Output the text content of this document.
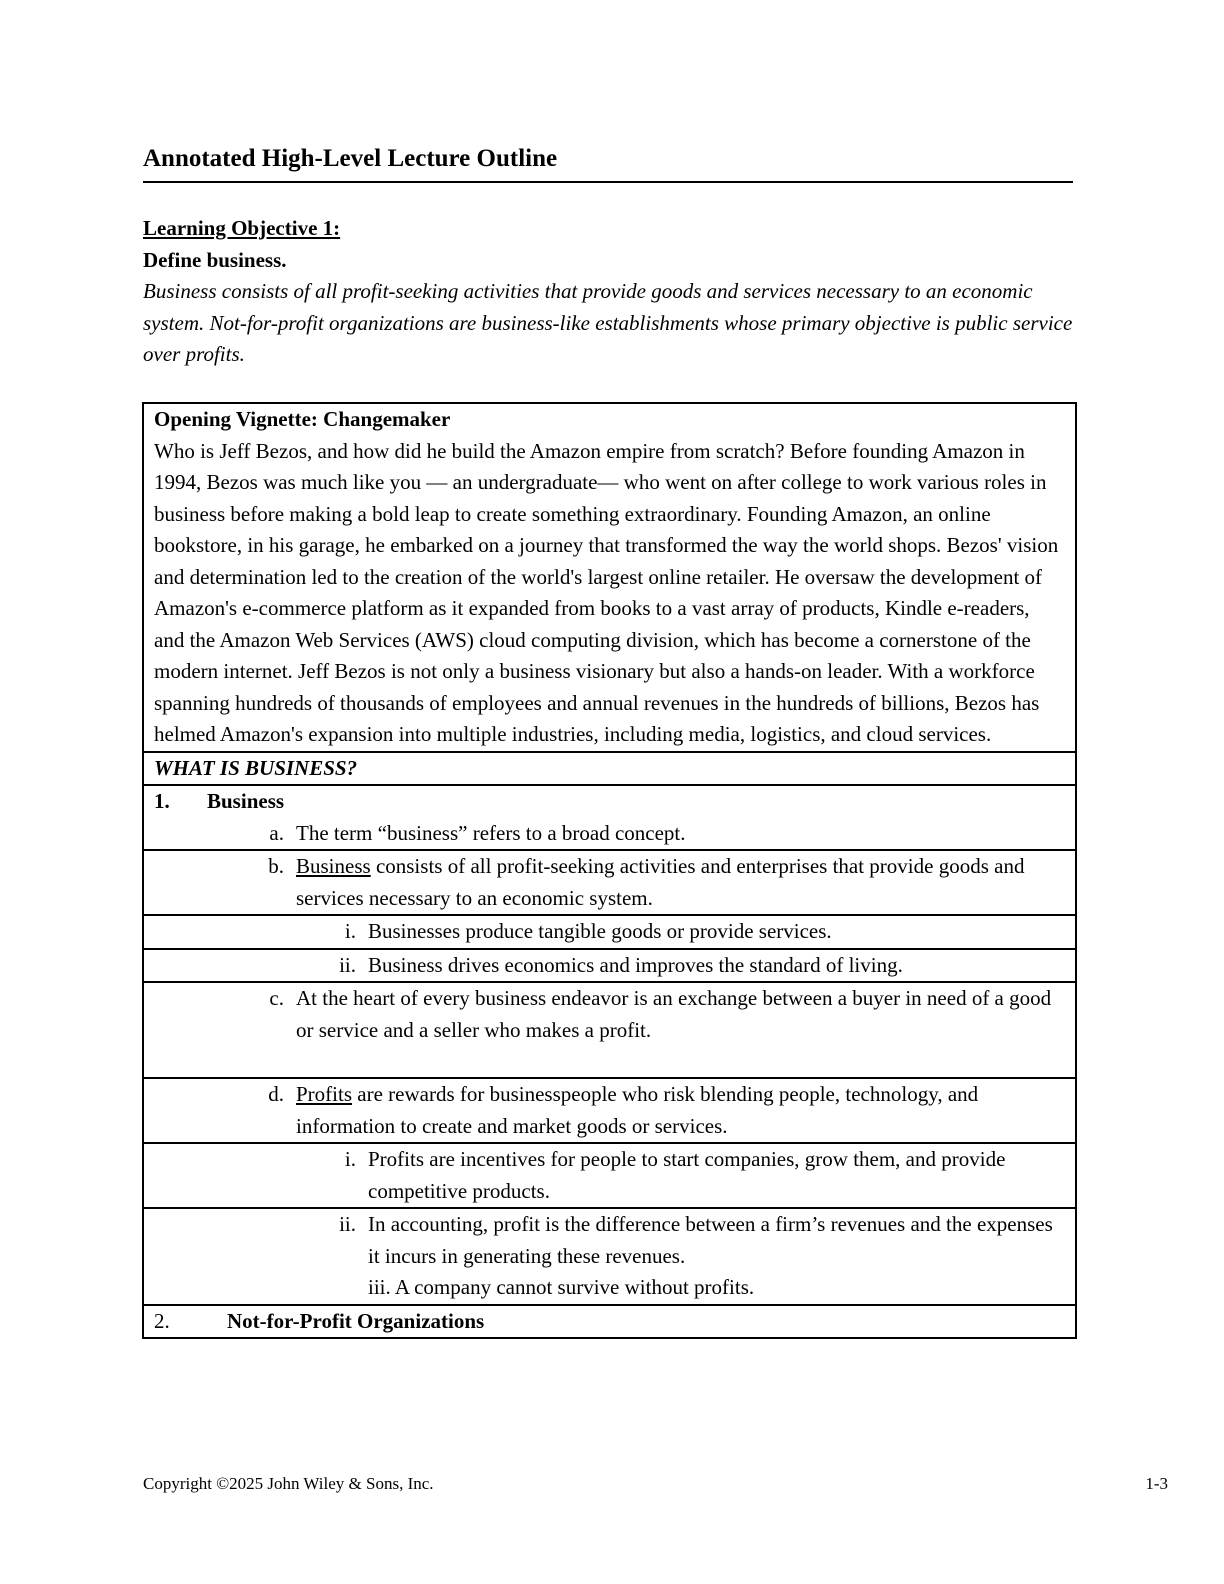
Annotated High-Level Lecture Outline
Learning Objective 1:
Define business.
Business consists of all profit-seeking activities that provide goods and services necessary to an economic system. Not-for-profit organizations are business-like establishments whose primary objective is public service over profits.
Opening Vignette: Changemaker
Who is Jeff Bezos, and how did he build the Amazon empire from scratch? Before founding Amazon in 1994, Bezos was much like you — an undergraduate— who went on after college to work various roles in business before making a bold leap to create something extraordinary. Founding Amazon, an online bookstore, in his garage, he embarked on a journey that transformed the way the world shops. Bezos' vision and determination led to the creation of the world's largest online retailer. He oversaw the development of Amazon's e-commerce platform as it expanded from books to a vast array of products, Kindle e-readers, and the Amazon Web Services (AWS) cloud computing division, which has become a cornerstone of the modern internet. Jeff Bezos is not only a business visionary but also a hands-on leader. With a workforce spanning hundreds of thousands of employees and annual revenues in the hundreds of billions, Bezos has helmed Amazon's expansion into multiple industries, including media, logistics, and cloud services.

WHAT IS BUSINESS?

1.	Business
a. The term “business” refers to a broad concept.

b. Business consists of all profit-seeking activities and enterprises that provide goods and services necessary to an economic system.

i. Businesses produce tangible goods or provide services.

ii. Business drives economics and improves the standard of living.

c. At the heart of every business endeavor is an exchange between a buyer in need of a good or service and a seller who makes a profit.

d. Profits are rewards for businesspeople who risk blending people, technology, and information to create and market goods or services.

i. Profits are incentives for people to start companies, grow them, and provide competitive products.

ii. In accounting, profit is the difference between a firm’s revenues and the expenses it incurs in generating these revenues.
iii. A company cannot survive without profits.

2.	Not-for-Profit Organizations
Copyright ©2025 John Wiley & Sons, Inc.	1-3
